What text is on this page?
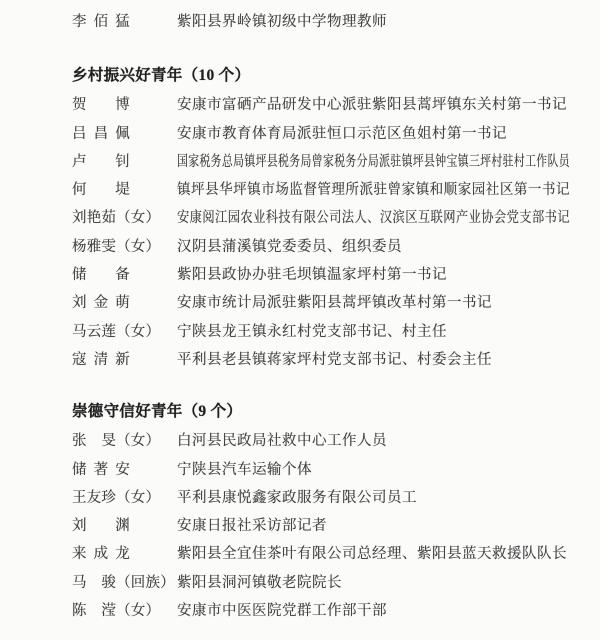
李佰猛	紫阳县界岭镇初级中学物理教师
乡村振兴好青年（10 个）
贺　博	安康市富硒产品研发中心派驻紫阳县蒿坪镇东关村第一书记
吕昌佩	安康市教育体育局派驻恒口示范区鱼姐村第一书记
卢　钊	国家税务总局镇坪县税务局曾家税务分局派驻镇坪县钟宝镇三坪村驻村工作队员
何　堤	镇坪县华坪镇市场监督管理所派驻曾家镇和顺家园社区第一书记
刘艳茹（女）	安康阅江园农业科技有限公司法人、汉滨区互联网产业协会党支部书记
杨雅雯（女）	汉阴县蒲溪镇党委委员、组织委员
储　备	紫阳县政协办驻毛坝镇温家坪村第一书记
刘金萌	安康市统计局派驻紫阳县蒿坪镇改革村第一书记
马云莲（女）	宁陕县龙王镇永红村党支部书记、村主任
寇清新	平利县老县镇蒋家坪村党支部书记、村委会主任
崇德守信好青年（9 个）
张　旻（女）	白河县民政局社救中心工作人员
储著安	宁陕县汽车运输个体
王友珍（女）	平利县康悦鑫家政服务有限公司员工
刘　渊	安康日报社采访部记者
来成龙	紫阳县全宜佳茶叶有限公司总经理、紫阳县蓝天救援队队长
马　骏（回族） 紫阳县洞河镇敬老院院长
陈　滢（女）	安康市中医医院党群工作部干部
